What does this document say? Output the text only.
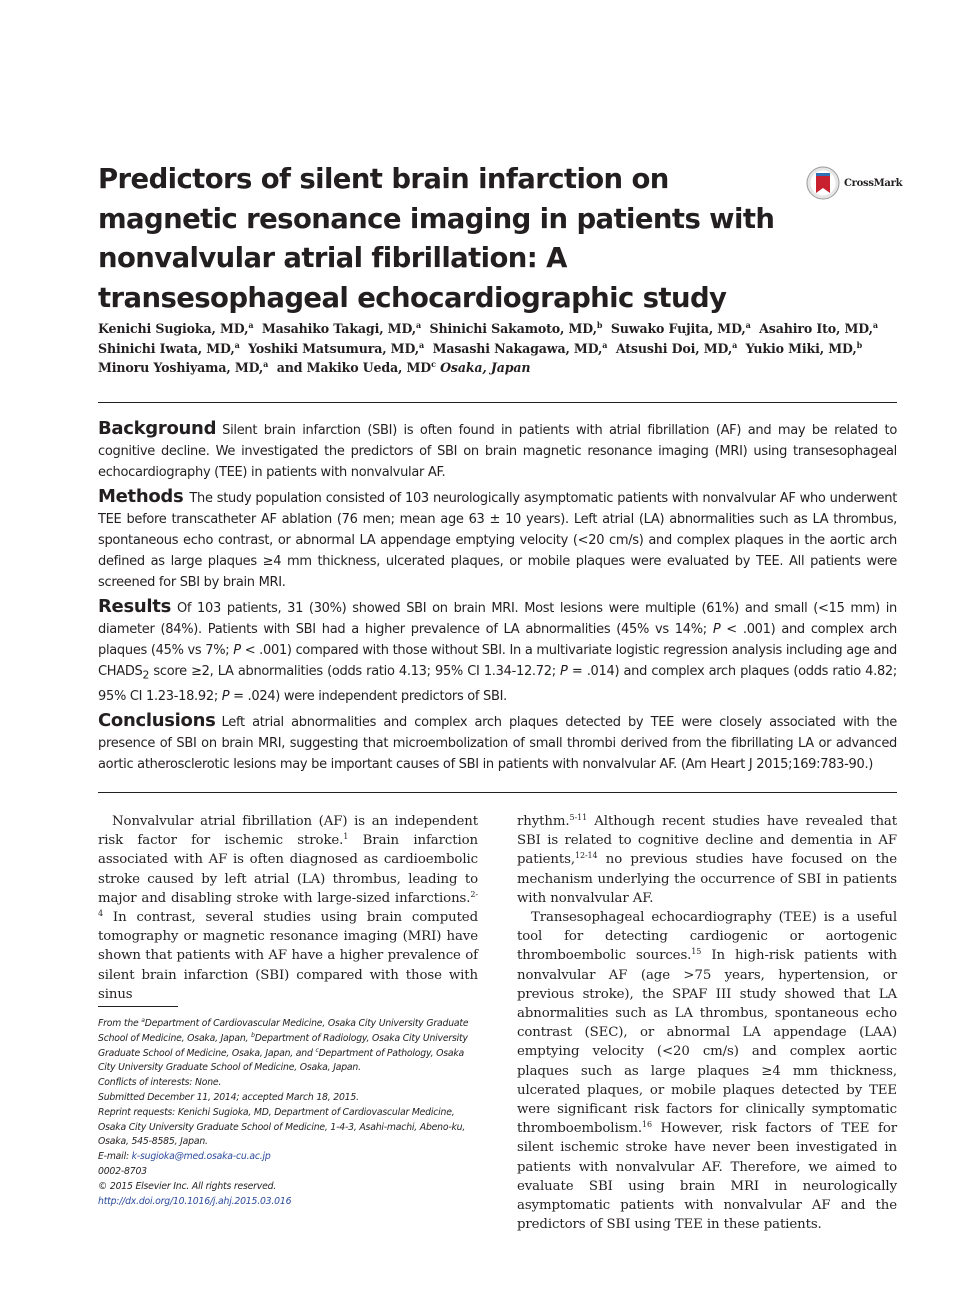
Predictors of silent brain infarction on magnetic resonance imaging in patients with nonvalvular atrial fibrillation: A transesophageal echocardiographic study
CrossMark
Kenichi Sugioka, MD,$^a$ Masahiko Takagi, MD,$^a$ Shinichi Sakamoto, MD,$^b$ Suwako Fujita, MD,$^a$ Asahiro Ito, MD,$^a$
Shinichi Iwata, MD,$^a$ Yoshiki Matsumura, MD,$^a$ Masashi Nakagawa, MD,$^a$ Atsushi Doi, MD,$^a$ Yukio Miki, MD,$^b$
Minoru Yoshiyama, MD,$^a$ and Makiko Ueda, $MD^c$ Osaka, Japan

Background Silent brain infarction (SBI) is often found in patients with atrial fibrillation (AF) and may be related to cognitive decline. We investigated the predictors of SBI on brain magnetic resonance imaging (MRI) using transesophageal echocardiography (TEE) in patients with nonvalvular AF.

Methods The study population consisted of 103 neurologically asymptomatic patients with nonvalvular AF who underwent TEE before transcatheter AF ablation (76 men; mean age 63 ± 10 years). Left atrial (LA) abnormalities such as LA thrombus, spontaneous echo contrast, or abnormal LA appendage emptying velocity (<20 cm/s) and complex plaques in the aortic arch defined as large plaques ≥4 mm thickness, ulcerated plaques, or mobile plaques were evaluated by TEE. All patients were screened for SBI by brain MRI.

Results Of 103 patients, 31 (30%) showed SBI on brain MRI. Most lesions were multiple (61%) and small (<15 mm) in diameter (84%). Patients with SBI had a higher prevalence of LA abnormalities (45% vs 14%; P < .001) and complex arch plaques (45% vs 7%; P < .001) compared with those without SBI. In a multivariate logistic regression analysis including age and $CHADS_2$ score ≥2, LA abnormalities (odds ratio 4.13; 95% CI 1.34-12.72; P = .014) and complex arch plaques (odds ratio 4.82; 95% CI 1.23-18.92; P = .024) were independent predictors of SBI.

Conclusions Left atrial abnormalities and complex arch plaques detected by TEE were closely associated with the presence of SBI on brain MRI, suggesting that microembolization of small thrombi derived from the fibrillating LA or advanced aortic atherosclerotic lesions may be important causes of SBI in patients with nonvalvular AF. (Am Heart J 2015;169:783-90.)

Nonvalvular atrial fibrillation (AF) is an independent risk factor for ischemic stroke.$^1$ Brain infarction associated with AF is often diagnosed as cardioembolic stroke caused by left atrial (LA) thrombus, leading to major and disabling stroke with large-sized infarctions.$^{2-4}$ In contrast, several studies using brain computed tomography or magnetic resonance imaging (MRI) have shown that patients with AF have a higher prevalence of silent brain infarction (SBI) compared with those with sinus

From the $^a$Department of Cardiovascular Medicine, Osaka City University Graduate School of Medicine, Osaka, Japan, $^b$Department of Radiology, Osaka City University Graduate School of Medicine, Osaka, Japan, and $^c$Department of Pathology, Osaka City University Graduate School of Medicine, Osaka, Japan.
Conflicts of interests: None.
Submitted December 11, 2014; accepted March 18, 2015.
Reprint requests: Kenichi Sugioka, MD, Department of Cardiovascular Medicine, Osaka City University Graduate School of Medicine, 1-4-3, Asahi-machi, Abeno-ku, Osaka, 545-8585, Japan.
E-mail: k-sugioka@med.osaka-cu.ac.jp
0002-8703
© 2015 Elsevier Inc. All rights reserved.
http://dx.doi.org/10.1016/j.ahj.2015.03.016

rhythm.$^{5-11}$ Although recent studies have revealed that SBI is related to cognitive decline and dementia in AF patients,$^{12-14}$ no previous studies have focused on the mechanism underlying the occurrence of SBI in patients with nonvalvular AF.

Transesophageal echocardiography (TEE) is a useful tool for detecting cardiogenic or aortogenic thromboembolic sources.$^{15}$ In high-risk patients with nonvalvular AF (age >75 years, hypertension, or previous stroke), the SPAF III study showed that LA abnormalities such as LA thrombus, spontaneous echo contrast (SEC), or abnormal LA appendage (LAA) emptying velocity (<20 cm/s) and complex aortic plaques such as large plaques ≥4 mm thickness, ulcerated plaques, or mobile plaques detected by TEE were significant risk factors for clinically symptomatic thromboembolism.$^{16}$ However, risk factors of TEE for silent ischemic stroke have never been investigated in patients with nonvalvular AF. Therefore, we aimed to evaluate SBI using brain MRI in neurologically asymptomatic patients with nonvalvular AF and the predictors of SBI using TEE in these patients.
